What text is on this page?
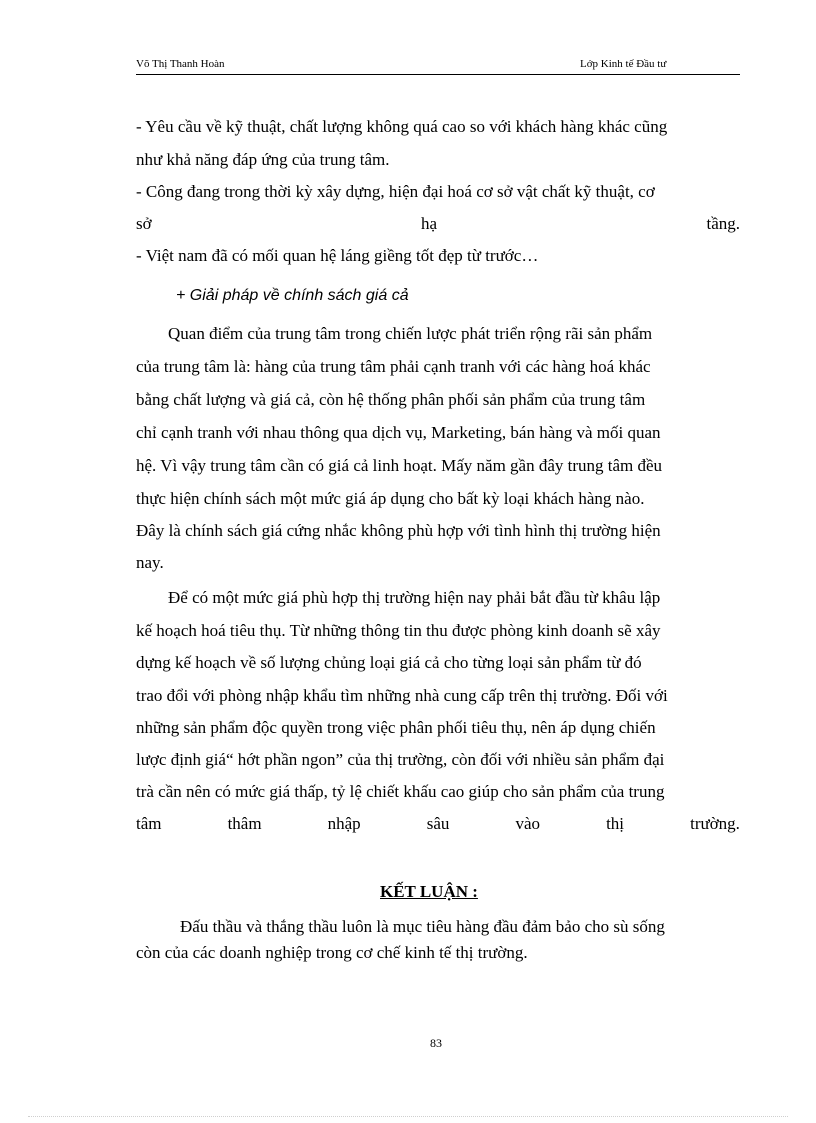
Võ Thị Thanh Hoàn	Lớp Kinh tế Đầu tư
- Yêu cầu về kỹ thuật, chất lượng không quá cao so với khách hàng khác cũng
như khả năng đáp ứng của trung tâm.
- Công đang trong thời kỳ xây dựng, hiện đại hoá cơ sở vật chất kỹ thuật, cơ
sở	hạ	tầng.
- Việt nam đã có mối quan hệ láng giềng tốt đẹp từ trước…
+ Giải pháp về chính sách giá cả
Quan điểm của trung tâm trong chiến lược phát triển rộng rãi sản phẩm
của trung tâm là: hàng của trung tâm phải cạnh tranh với các hàng hoá khác
bằng chất lượng và giá cả, còn hệ thống phân phối sản phẩm của trung tâm
chỉ cạnh tranh với nhau thông qua dịch vụ, Marketing, bán hàng và mối quan
hệ. Vì vậy trung tâm cần có giá cả linh hoạt. Mấy năm gần đây trung tâm đều
thực hiện chính sách một mức giá áp dụng cho bất kỳ loại khách hàng nào.
Đây là chính sách giá cứng nhắc không phù hợp với tình hình thị trường hiện
nay.
Để có một mức giá phù hợp thị trường hiện nay phải bắt đầu từ khâu lập
kế hoạch hoá tiêu thụ. Từ những thông tin thu được phòng kinh doanh sẽ xây
dựng kế hoạch về số lượng chủng loại giá cả cho từng loại sản phẩm từ đó
trao đổi với phòng nhập khẩu tìm những nhà cung cấp trên thị trường. Đối với
những sản phẩm độc quyền trong việc phân phối tiêu thụ, nên áp dụng chiến
lược định giá“ hớt phần ngon” của thị trường, còn đối với nhiều sản phẩm đại
trà cần nên có mức giá thấp, tỷ lệ chiết khấu cao giúp cho sản phẩm của trung
tâm	thâm	nhập	sâu	vào	thị	trường.
KẾT LUẬN :
Đấu thầu và thắng thầu luôn là mục tiêu hàng đầu đảm bảo cho sù sống
còn của các doanh nghiệp trong cơ chế kinh tế thị trường.
83
